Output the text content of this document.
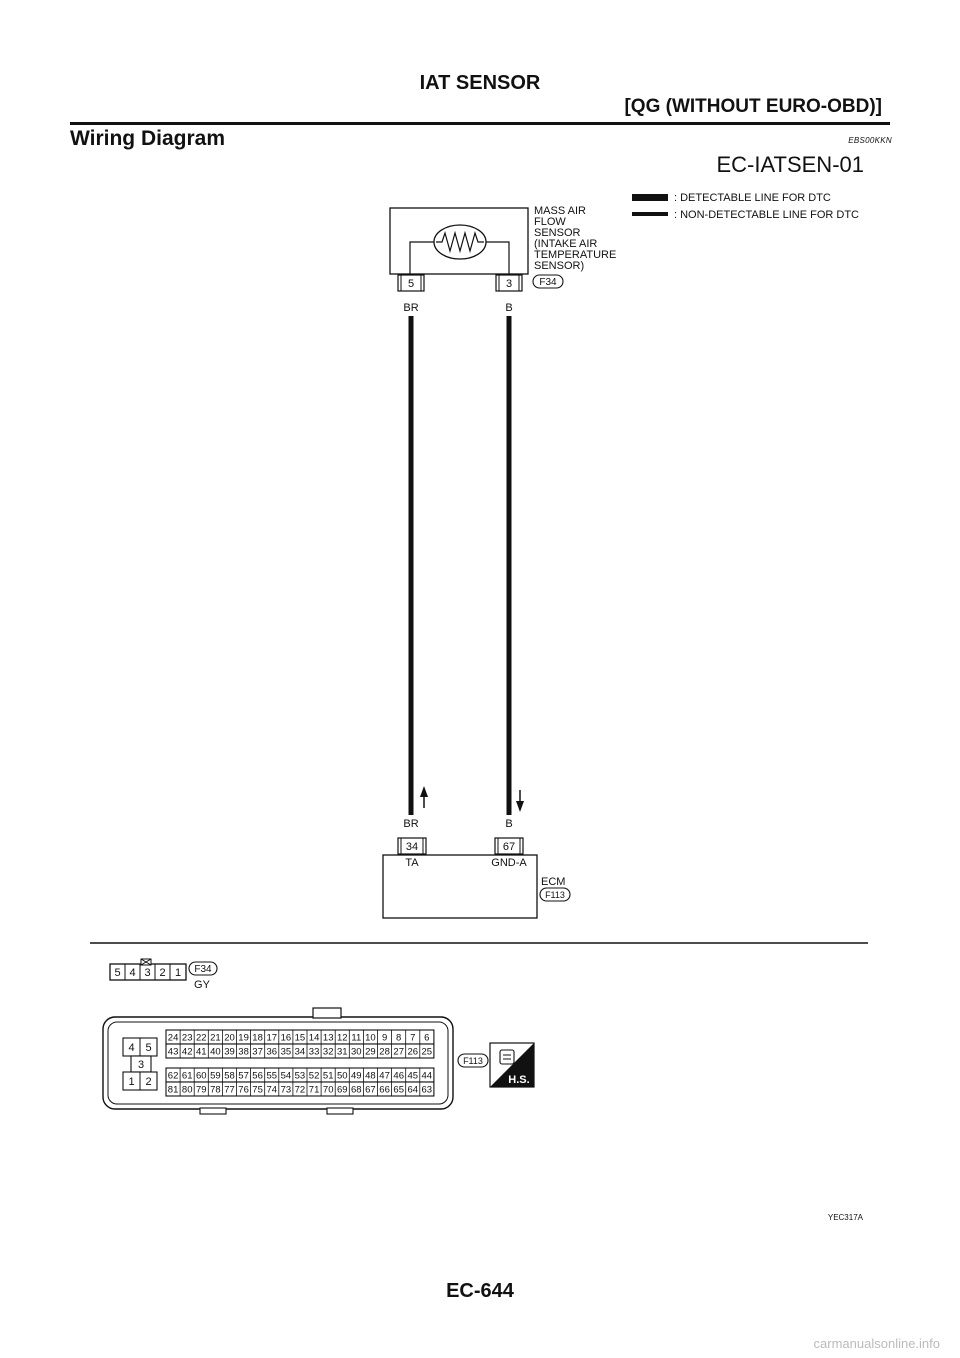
IAT SENSOR
[QG (WITHOUT EURO-OBD)]
Wiring Diagram	EBS00KKN
EC-IATSEN-01
: DETECTABLE LINE FOR DTC
: NON-DETECTABLE LINE FOR DTC
5	3
MASS AIR
FLOW
SENSOR
(INTAKE AIR
TEMPERATURE
SENSOR)
F34
BR	B
BR	B
34	67
TA	GND-A
ECM
F113
5 4 3 2 1 F34
GY
4 5
3
1 2
24 23 22 21 20 19 18 17 16 15 14 13 12 11 10 9 8 7 6
43 42 41 40 39 38 37 36 35 34 33 32 31 30 29 28 27 26 25
62 61 60 59 58 57 56 55 54 53 52 51 50 49 48 47 46 45 44
81 80 79 78 77 76 75 74 73 72 71 70 69 68 67 66 65 64 63
F113
H.S.
YEC317A
EC-644
carmanualsonline.info
